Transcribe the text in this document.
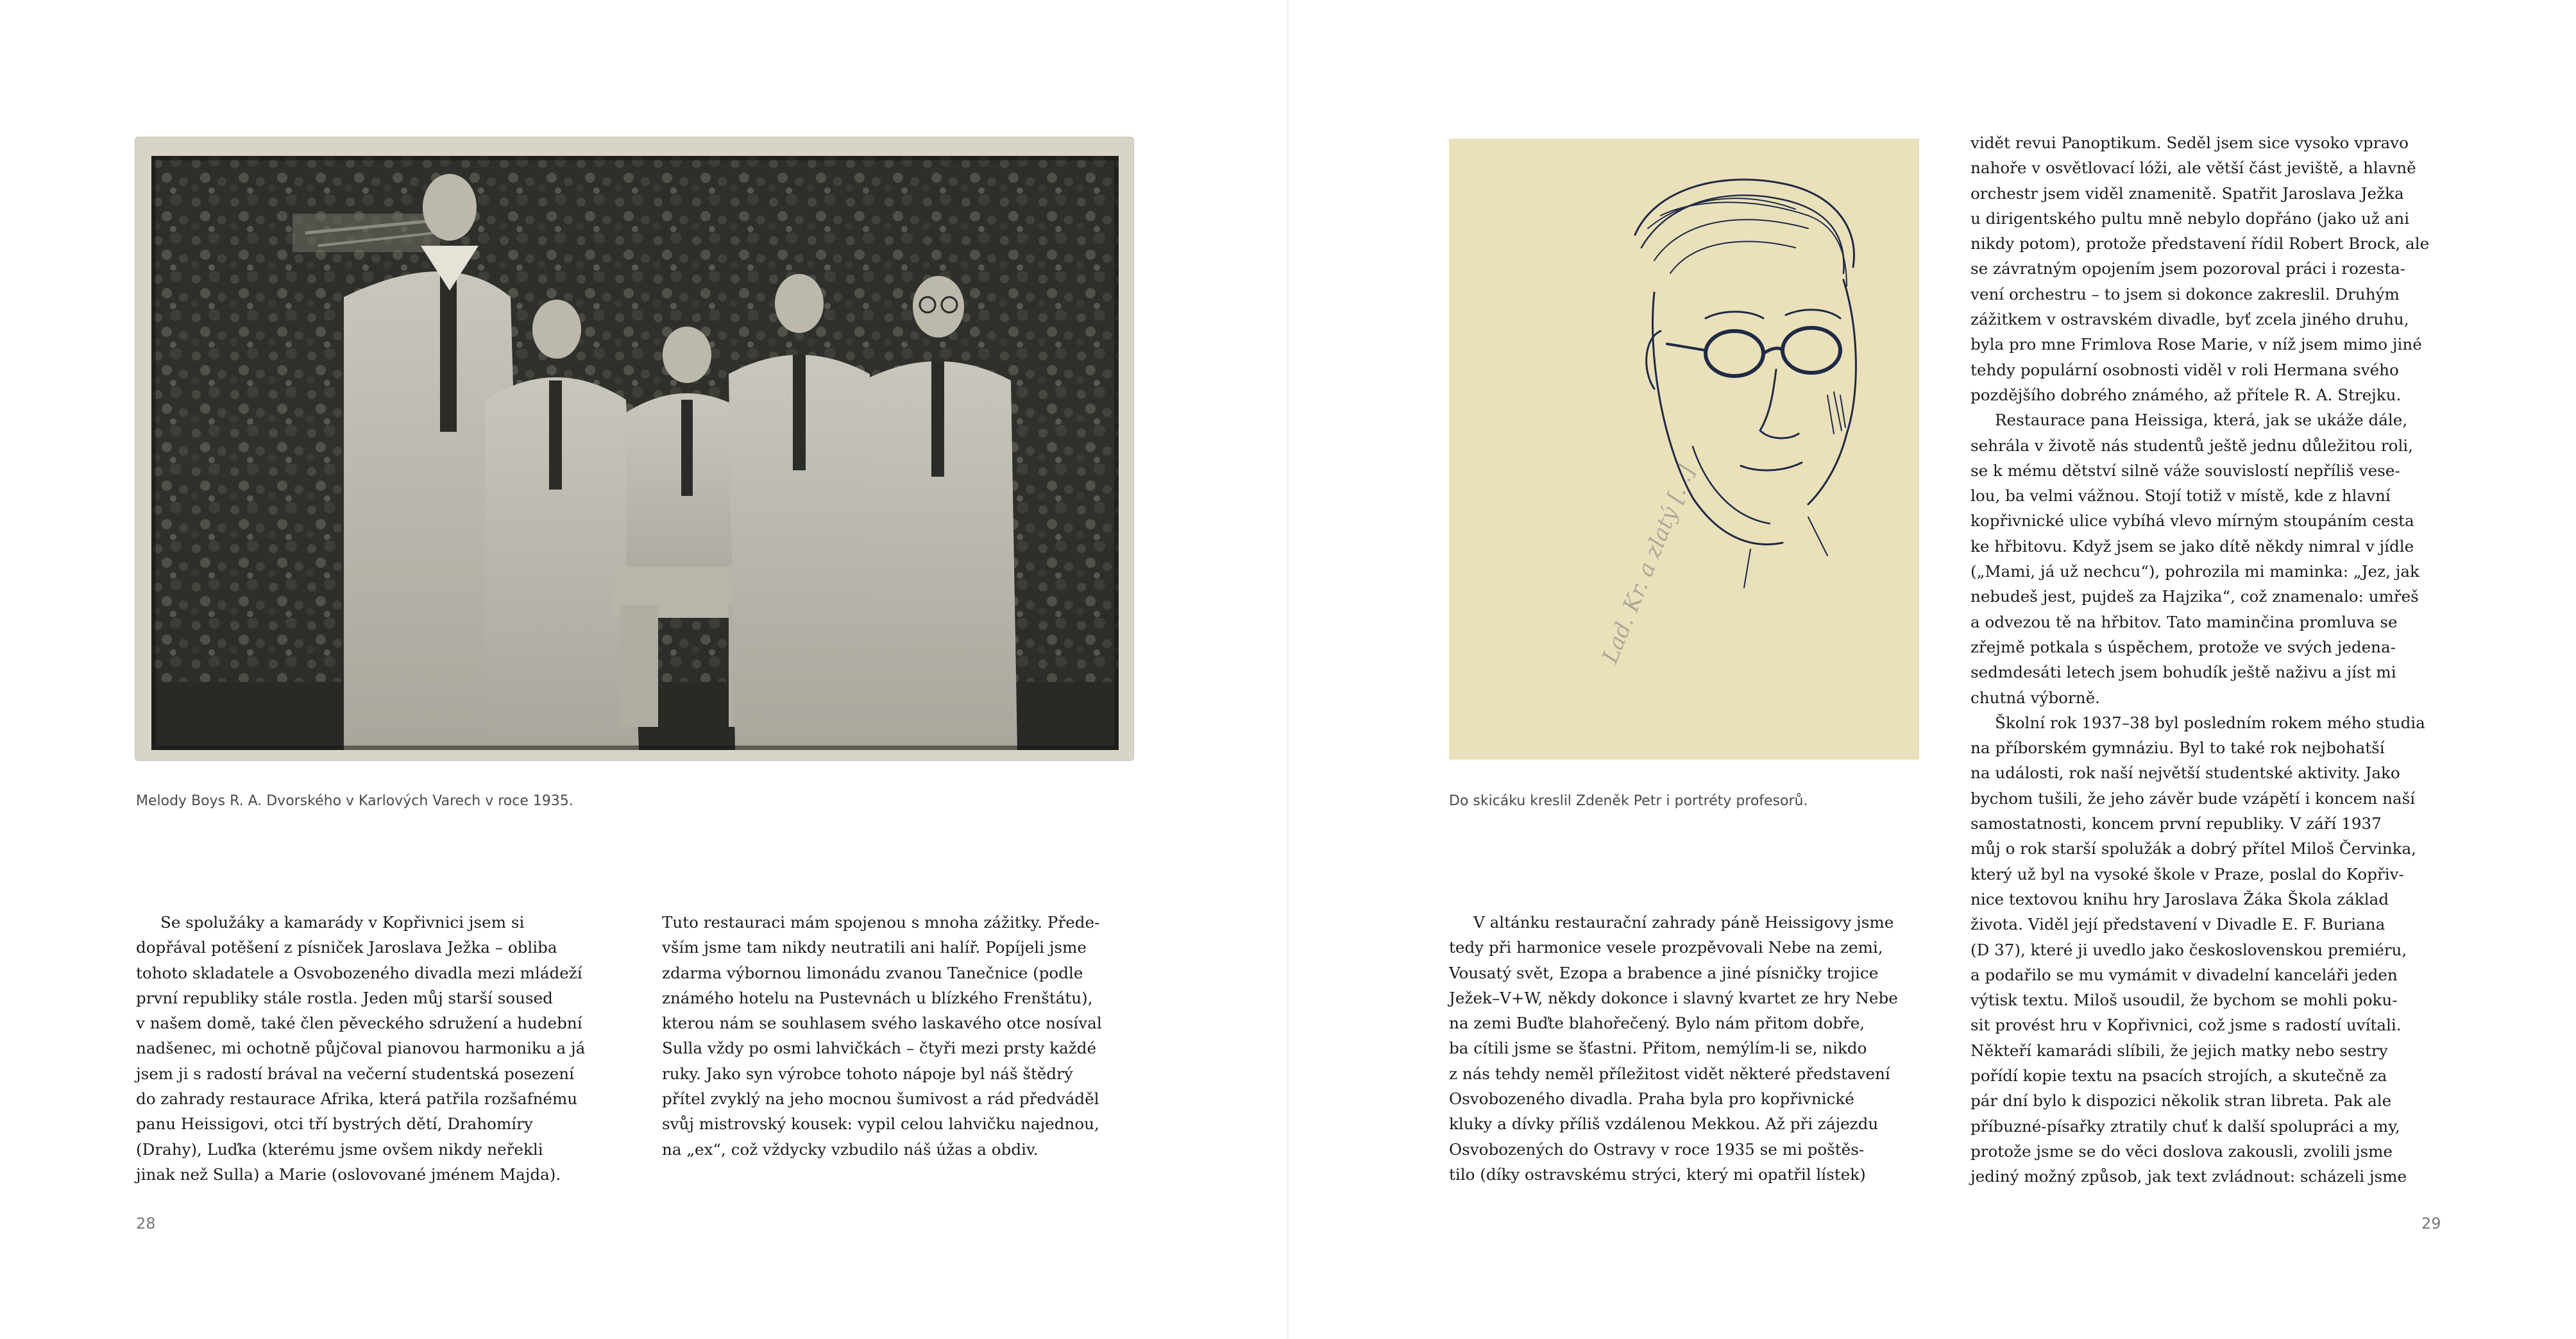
Melody Boys R. A. Dvorského v Karlových Varech v roce 1935.
Se spolužáky a kamarády v Kopřivnici jsem si
dopřával potěšení z písniček Jaroslava Ježka – obliba
tohoto skladatele a Osvobozeného divadla mezi mládeží
první republiky stále rostla. Jeden můj starší soused
v našem domě, také člen pěveckého sdružení a hudební
nadšenec, mi ochotně půjčoval pianovou harmoniku a já
jsem ji s radostí brával na večerní studentská posezení
do zahrady restaurace Afrika, která patřila rozšafnému
panu Heissigovi, otci tří bystrých dětí, Drahomíry
(Drahy), Luďka (kterému jsme ovšem nikdy neřekli
jinak než Sulla) a Marie (oslovované jménem Majda).
Tuto restauraci mám spojenou s mnoha zážitky. Přede-
vším jsme tam nikdy neutratili ani halíř. Popíjeli jsme
zdarma výbornou limonádu zvanou Tanečnice (podle
známého hotelu na Pustevnách u blízkého Frenštátu),
kterou nám se souhlasem svého laskavého otce nosíval
Sulla vždy po osmi lahvičkách – čtyři mezi prsty každé
ruky. Jako syn výrobce tohoto nápoje byl náš štědrý
přítel zvyklý na jeho mocnou šumivost a rád předváděl
svůj mistrovský kousek: vypil celou lahvičku najednou,
na „ex“, což vždycky vzbudilo náš úžas a obdiv.
28
Lad. Kr. a zlatý [...]
Do skicáku kreslil Zdeněk Petr i portréty profesorů.
V altánku restaurační zahrady páně Heissigovy jsme
tedy při harmonice vesele prozpěvovali Nebe na zemi,
Vousatý svět, Ezopa a brabence a jiné písničky trojice
Ježek–V+W, někdy dokonce i slavný kvartet ze hry Nebe
na zemi Buďte blahořečený. Bylo nám přitom dobře,
ba cítili jsme se šťastni. Přitom, nemýlím-li se, nikdo
z nás tehdy neměl příležitost vidět některé představení
Osvobozeného divadla. Praha byla pro kopřivnické
kluky a dívky příliš vzdálenou Mekkou. Až při zájezdu
Osvobozených do Ostravy v roce 1935 se mi poštěs-
tilo (díky ostravskému strýci, který mi opatřil lístek)
vidět revui Panoptikum. Seděl jsem sice vysoko vpravo
nahoře v osvětlovací lóži, ale větší část jeviště, a hlavně
orchestr jsem viděl znamenitě. Spatřit Jaroslava Ježka
u dirigentského pultu mně nebylo dopřáno (jako už ani
nikdy potom), protože představení řídil Robert Brock, ale
se závratným opojením jsem pozoroval práci i rozesta-
vení orchestru – to jsem si dokonce zakreslil. Druhým
zážitkem v ostravském divadle, byť zcela jiného druhu,
byla pro mne Frimlova Rose Marie, v níž jsem mimo jiné
tehdy populární osobnosti viděl v roli Hermana svého
pozdějšího dobrého známého, až přítele R. A. Strejku.
Restaurace pana Heissiga, která, jak se ukáže dále,
sehrála v životě nás studentů ještě jednu důležitou roli,
se k mému dětství silně váže souvislostí nepříliš vese-
lou, ba velmi vážnou. Stojí totiž v místě, kde z hlavní
kopřivnické ulice vybíhá vlevo mírným stoupáním cesta
ke hřbitovu. Když jsem se jako dítě někdy nimral v jídle
(„Mami, já už nechcu“), pohrozila mi maminka: „Jez, jak
nebudeš jest, pujdeš za Hajzika“, což znamenalo: umřeš
a odvezou tě na hřbitov. Tato maminčina promluva se
zřejmě potkala s úspěchem, protože ve svých jedena-
sedmdesáti letech jsem bohudík ještě naživu a jíst mi
chutná výborně.
Školní rok 1937–38 byl posledním rokem mého studia
na příborském gymnáziu. Byl to také rok nejbohatší
na události, rok naší největší studentské aktivity. Jako
bychom tušili, že jeho závěr bude vzápětí i koncem naší
samostatnosti, koncem první republiky. V září 1937
můj o rok starší spolužák a dobrý přítel Miloš Červinka,
který už byl na vysoké škole v Praze, poslal do Kopřiv-
nice textovou knihu hry Jaroslava Žáka Škola základ
života. Viděl její představení v Divadle E. F. Buriana
(D 37), které ji uvedlo jako československou premiéru,
a podařilo se mu vymámit v divadelní kanceláři jeden
výtisk textu. Miloš usoudil, že bychom se mohli poku-
sit provést hru v Kopřivnici, což jsme s radostí uvítali.
Někteří kamarádi slíbili, že jejich matky nebo sestry
pořídí kopie textu na psacích strojích, a skutečně za
pár dní bylo k dispozici několik stran libreta. Pak ale
příbuzné-písařky ztratily chuť k další spolupráci a my,
protože jsme se do věci doslova zakousli, zvolili jsme
jediný možný způsob, jak text zvládnout: scházeli jsme
29
